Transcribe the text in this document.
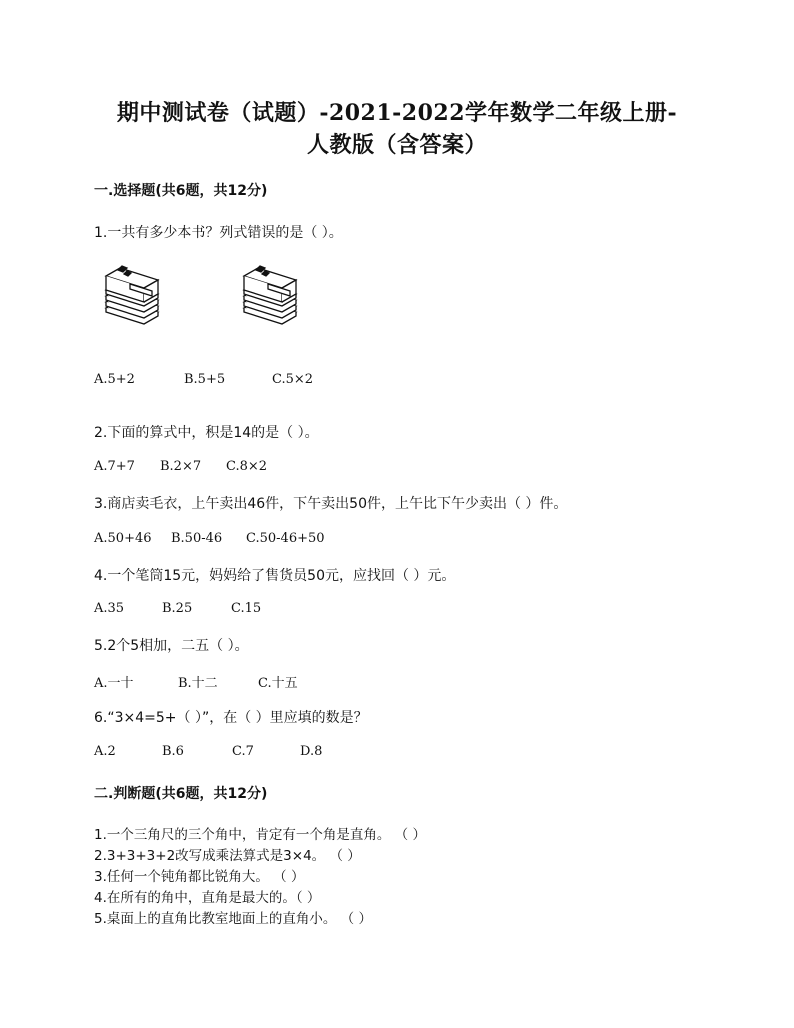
期中测试卷（试题）-2021-2022学年数学二年级上册-
人教版（含答案）
一.选择题(共6题，共12分)
1.一共有多少本书？列式错误的是（ ）。
A.5+2	B.5+5	C.5×2
2.下面的算式中，积是14的是（ ）。
A.7+7 B.2×7 C.8×2
3.商店卖毛衣，上午卖出46件，下午卖出50件，上午比下午少卖出（ ）件。
A.50+46 B.50-46 C.50-46+50
4.一个笔筒15元，妈妈给了售货员50元，应找回（ ）元。
A.35	B.25	C.15
5.2个5相加，二五（ ）。
A.一十	B.十二	C.十五
6.“3×4=5+（ ）”，在（ ）里应填的数是？
A.2	B.6	C.7	D.8
二.判断题(共6题，共12分)
1.一个三角尺的三个角中，肯定有一个角是直角。 （ ）
2.3+3+3+2改写成乘法算式是3×4。 （ ）
3.任何一个钝角都比锐角大。 （ ）
4.在所有的角中，直角是最大的。（ ）
5.桌面上的直角比教室地面上的直角小。 （ ）
